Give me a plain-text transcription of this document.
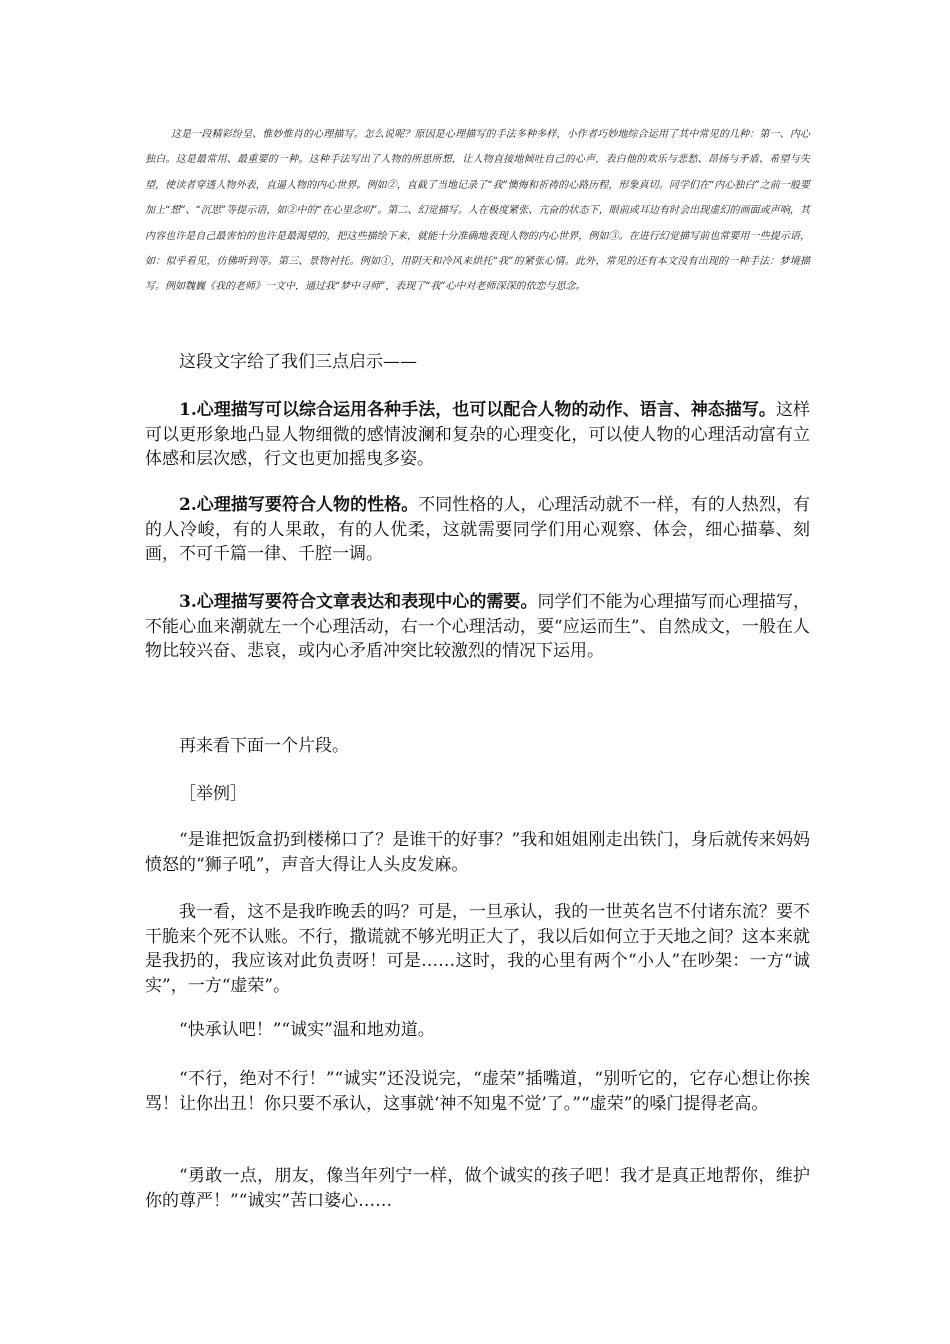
这是一段精彩纷呈、惟妙惟肖的心理描写。怎么说呢？原因是心理描写的手法多种多样，小作者巧妙地综合运用了其中常见的几种：第一、内心独白。这是最常用、最重要的一种。这种手法写出了人物的所思所想，让人物直接地倾吐自己的心声，表白他的欢乐与悲愁、昂扬与矛盾、希望与失望，使读者穿透人物外表，直逼人物的内心世界。例如②，直截了当地记录了“我”懊悔和祈祷的心路历程，形象真切。同学们在“内心独白”之前一般要加上“想”、“沉思”等提示语，如②中的“在心里念叨”。第二、幻觉描写。人在极度紧张、亢奋的状态下，眼前或耳边有时会出现虚幻的画面或声响，其内容也许是自己最害怕的也许是最渴望的，把这些描绘下来，就能十分准确地表现人物的内心世界，例如③。在进行幻觉描写前也常要用一些提示语，如：似乎看见，仿佛听到等。第三、景物衬托。例如①，用阴天和冷风来烘托“我”的紧张心情。此外，常见的还有本文没有出现的一种手法：梦境描写。例如魏巍《我的老师》一文中，通过我“梦中寻师”，表现了“我”心中对老师深深的依恋与思念。

这段文字给了我们三点启示——

1.心理描写可以综合运用各种手法，也可以配合人物的动作、语言、神态描写。这样可以更形象地凸显人物细微的感情波澜和复杂的心理变化，可以使人物的心理活动富有立体感和层次感，行文也更加摇曳多姿。

2.心理描写要符合人物的性格。不同性格的人，心理活动就不一样，有的人热烈，有的人冷峻，有的人果敢，有的人优柔，这就需要同学们用心观察、体会，细心描摹、刻画，不可千篇一律、千腔一调。

3.心理描写要符合文章表达和表现中心的需要。同学们不能为心理描写而心理描写，不能心血来潮就左一个心理活动，右一个心理活动，要“应运而生”、自然成文，一般在人物比较兴奋、悲哀，或内心矛盾冲突比较激烈的情况下运用。

再来看下面一个片段。

［举例］

“是谁把饭盒扔到楼梯口了？是谁干的好事？”我和姐姐刚走出铁门，身后就传来妈妈愤怒的“狮子吼”，声音大得让人头皮发麻。

我一看，这不是我昨晚丢的吗？可是，一旦承认，我的一世英名岂不付诸东流？要不干脆来个死不认账。不行，撒谎就不够光明正大了，我以后如何立于天地之间？这本来就是我扔的，我应该对此负责呀！可是……这时，我的心里有两个“小人”在吵架：一方“诚实”，一方“虚荣”。

“快承认吧！”“诚实”温和地劝道。

“不行，绝对不行！”“诚实”还没说完，“虚荣”插嘴道，“别听它的，它存心想让你挨骂！让你出丑！你只要不承认，这事就‘神不知鬼不觉’了。”“虚荣”的嗓门提得老高。

“勇敢一点，朋友，像当年列宁一样，做个诚实的孩子吧！我才是真正地帮你，维护你的尊严！”“诚实”苦口婆心……
